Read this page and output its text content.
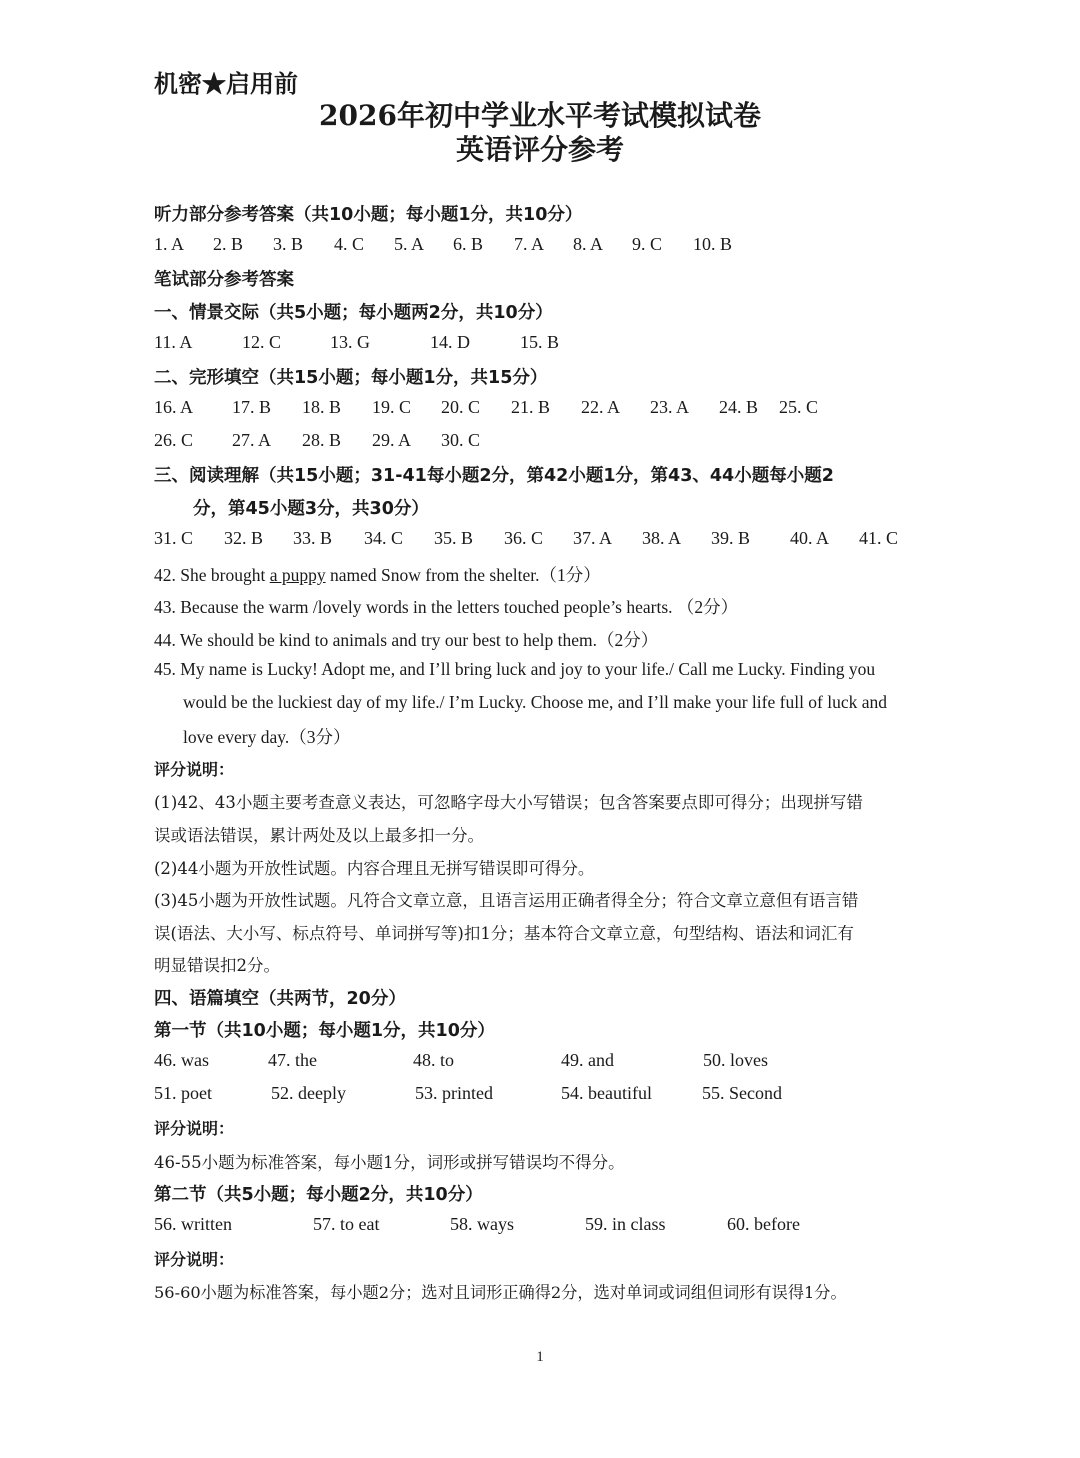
机密★启用前
2026年初中学业水平考试模拟试卷
英语评分参考
听力部分参考答案（共10小题；每小题1分，共10分）
1. A 2. B 3. B 4. C 5. A 6. B 7. A 8. A 9. C 10. B
笔试部分参考答案
一、情景交际（共5小题；每小题两2分，共10分）
11. A	12. C	13. G	14. D	15. B
二、完形填空（共15小题；每小题1分，共15分）
16. A 17. B 18. B 19. C 20. C 21. B 22. A 23. A 24. B 25. C
26. C 27. A 28. B 29. A 30. C
三、阅读理解（共15小题；31-41每小题2分，第42小题1分，第43、44小题每小题2
分，第45小题3分，共30分）
31. C 32. B 33. B 34. C 35. B 36. C 37. A 38. A 39. B 40. A 41. C
42. She brought a puppy named Snow from the shelter.（1分）
43. Because the warm /lovely words in the letters touched people’s hearts. （2分）
44. We should be kind to animals and try our best to help them.（2分）
45. My name is Lucky! Adopt me, and I’ll bring luck and joy to your life./ Call me Lucky. Finding you
would be the luckiest day of my life./ I’m Lucky. Choose me, and I’ll make your life full of luck and
love every day.（3分）
评分说明：
(1)42、43小题主要考查意义表达，可忽略字母大小写错误；包含答案要点即可得分；出现拼写错
误或语法错误，累计两处及以上最多扣一分。
(2)44小题为开放性试题。内容合理且无拼写错误即可得分。
(3)45小题为开放性试题。凡符合文章立意，且语言运用正确者得全分；符合文章立意但有语言错
误(语法、大小写、标点符号、单词拼写等)扣1分；基本符合文章立意，句型结构、语法和词汇有
明显错误扣2分。
四、语篇填空（共两节，20分）
第一节（共10小题；每小题1分，共10分）
46. was	47. the	48. to	49. and	50. loves
51. poet	52. deeply	53. printed	54. beautiful	55. Second
评分说明：
46-55小题为标准答案，每小题1分，词形或拼写错误均不得分。
第二节（共5小题；每小题2分，共10分）
56. written	57. to eat	58. ways	59. in class	60. before
评分说明：
56-60小题为标准答案，每小题2分；选对且词形正确得2分，选对单词或词组但词形有误得1分。
1
